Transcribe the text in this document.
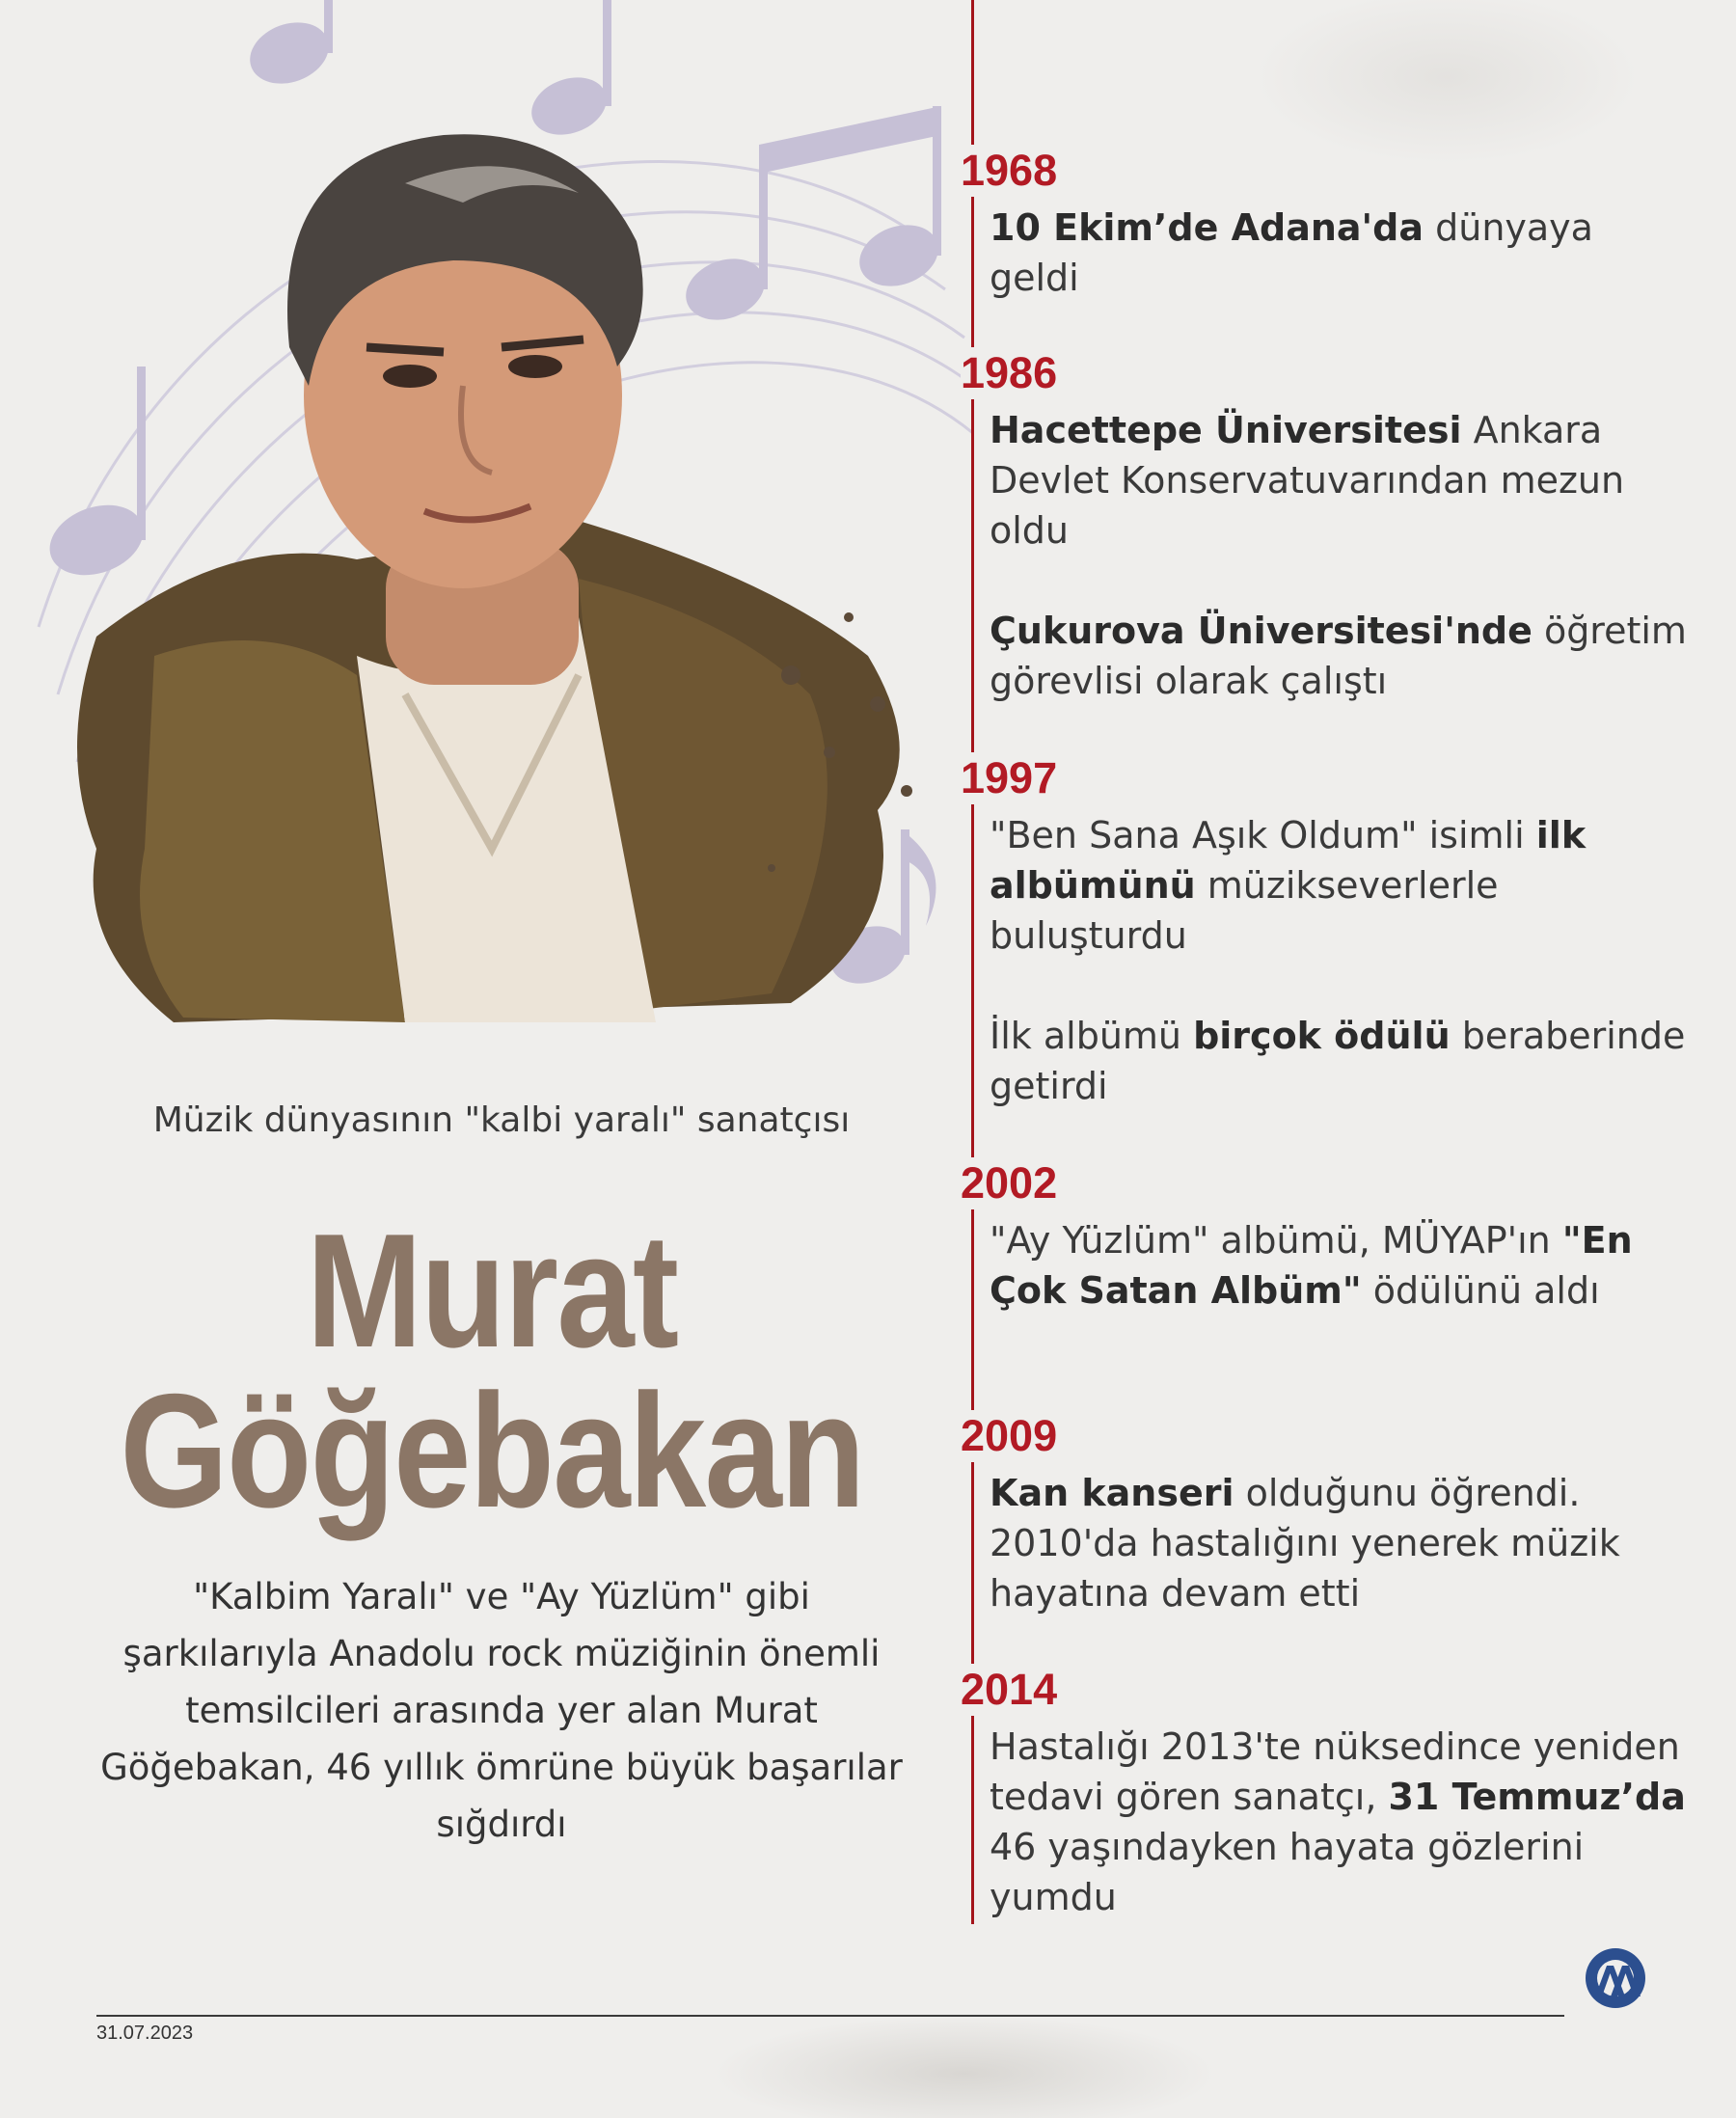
Müzik dünyasının "kalbi yaralı" sanatçısı
Murat
Göğebakan
"Kalbim Yaralı" ve "Ay Yüzlüm" gibi şarkılarıyla Anadolu rock müziğinin önemli temsilcileri arasında yer alan Murat Göğebakan, 46 yıllık ömrüne büyük başarılar sığdırdı
1968
10 Ekim’de Adana'da dünyaya geldi
1986
Hacettepe Üniversitesi Ankara Devlet Konservatuvarından mezun oldu
Çukurova Üniversitesi'nde öğretim görevlisi olarak çalıştı
1997
"Ben Sana Aşık Oldum" isimli ilk albümünü müzikseverlerle buluşturdu
İlk albümü birçok ödülü beraberinde getirdi
2002
"Ay Yüzlüm" albümü, MÜYAP'ın "En Çok Satan Albüm" ödülünü aldı
2009
Kan kanseri olduğunu öğrendi. 2010'da hastalığını yenerek müzik hayatına devam etti
2014
Hastalığı 2013'te nüksedince yeniden tedavi gören sanatçı, 31 Temmuz’da 46 yaşındayken hayata gözlerini yumdu
31.07.2023
